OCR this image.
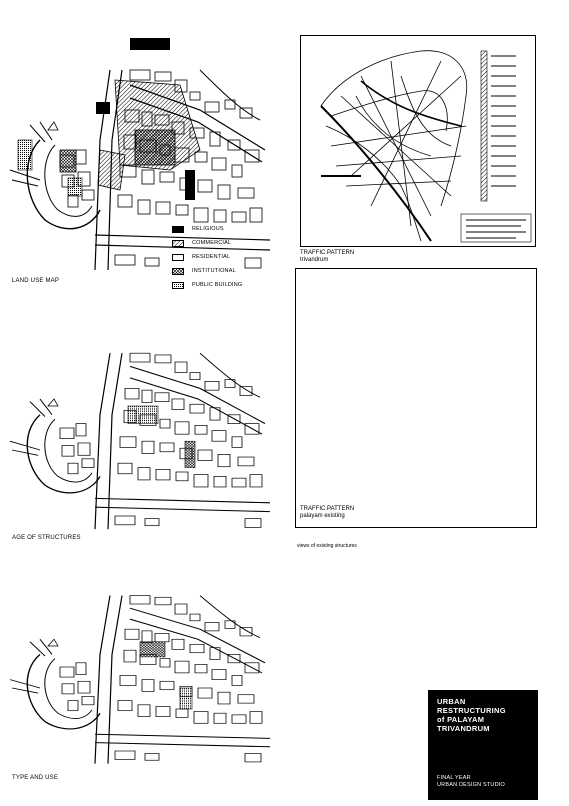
LAND USE MAP
RELIGIOUS
COMMERCIAL
RESIDENTIAL
INSTITUTIONAL
PUBLIC BUILDING
AGE OF STRUCTURES
TYPE AND USE
TRAFFIC PATTERN
trivandrum
TRAFFIC PATTERN
palayam existing
views of existing structures
URBAN
RESTRUCTURING
of PALAYAM
TRIVANDRUM
FINAL YEAR
URBAN DESIGN STUDIO
